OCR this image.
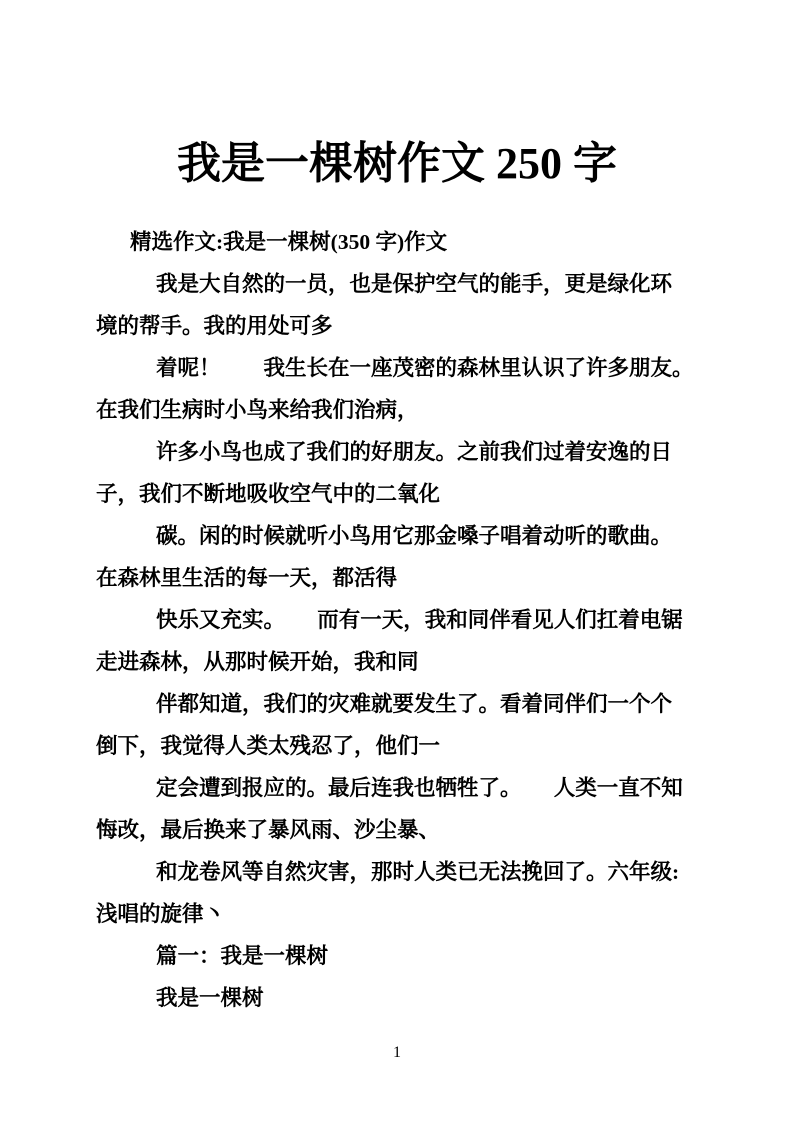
我是一棵树作文 250 字

精选作文:我是一棵树(350 字)作文

我是大自然的一员，也是保护空气的能手，更是绿化环

境的帮手。我的用处可多

着呢！　　我生长在一座茂密的森林里认识了许多朋友。

在我们生病时小鸟来给我们治病，

许多小鸟也成了我们的好朋友。之前我们过着安逸的日

子，我们不断地吸收空气中的二氧化

碳。闲的时候就听小鸟用它那金嗓子唱着动听的歌曲。

在森林里生活的每一天，都活得

快乐又充实。　　而有一天，我和同伴看见人们扛着电锯

走进森林，从那时候开始，我和同

伴都知道，我们的灾难就要发生了。看着同伴们一个个

倒下，我觉得人类太残忍了，他们一

定会遭到报应的。最后连我也牺牲了。　　人类一直不知

悔改，最后换来了暴风雨、沙尘暴、

和龙卷风等自然灾害，那时人类已无法挽回了。六年级:

浅唱的旋律丶

篇一：我是一棵树

我是一棵树

1
